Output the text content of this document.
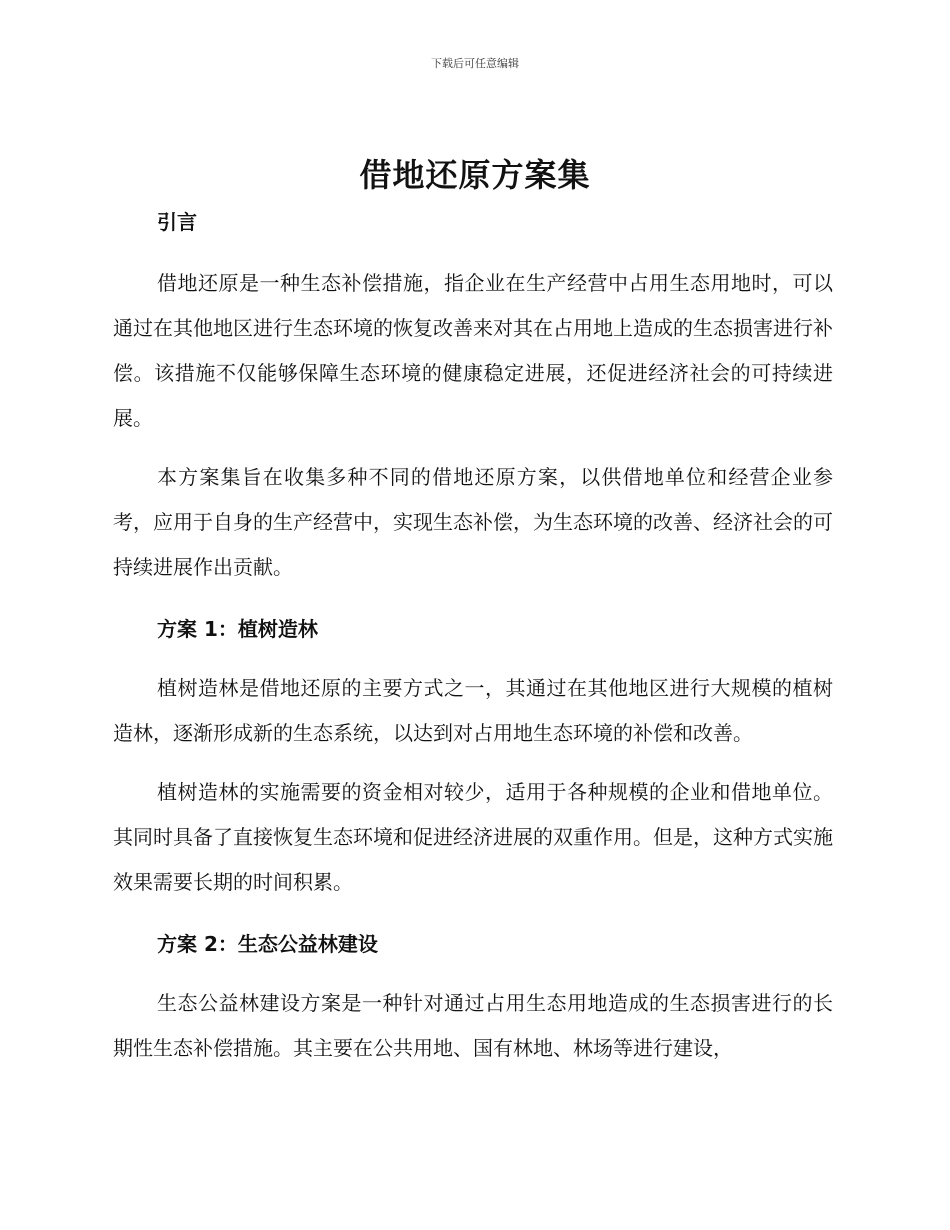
下载后可任意编辑
借地还原方案集
引言

借地还原是一种生态补偿措施，指企业在生产经营中占用生态用地时，可以通过在其他地区进行生态环境的恢复改善来对其在占用地上造成的生态损害进行补偿。该措施不仅能够保障生态环境的健康稳定进展，还促进经济社会的可持续进展。

本方案集旨在收集多种不同的借地还原方案，以供借地单位和经营企业参考，应用于自身的生产经营中，实现生态补偿，为生态环境的改善、经济社会的可持续进展作出贡献。

方案 1：植树造林

植树造林是借地还原的主要方式之一，其通过在其他地区进行大规模的植树造林，逐渐形成新的生态系统，以达到对占用地生态环境的补偿和改善。

植树造林的实施需要的资金相对较少，适用于各种规模的企业和借地单位。其同时具备了直接恢复生态环境和促进经济进展的双重作用。但是，这种方式实施效果需要长期的时间积累。

方案 2：生态公益林建设

生态公益林建设方案是一种针对通过占用生态用地造成的生态损害进行的长期性生态补偿措施。其主要在公共用地、国有林地、林场等进行建设，
